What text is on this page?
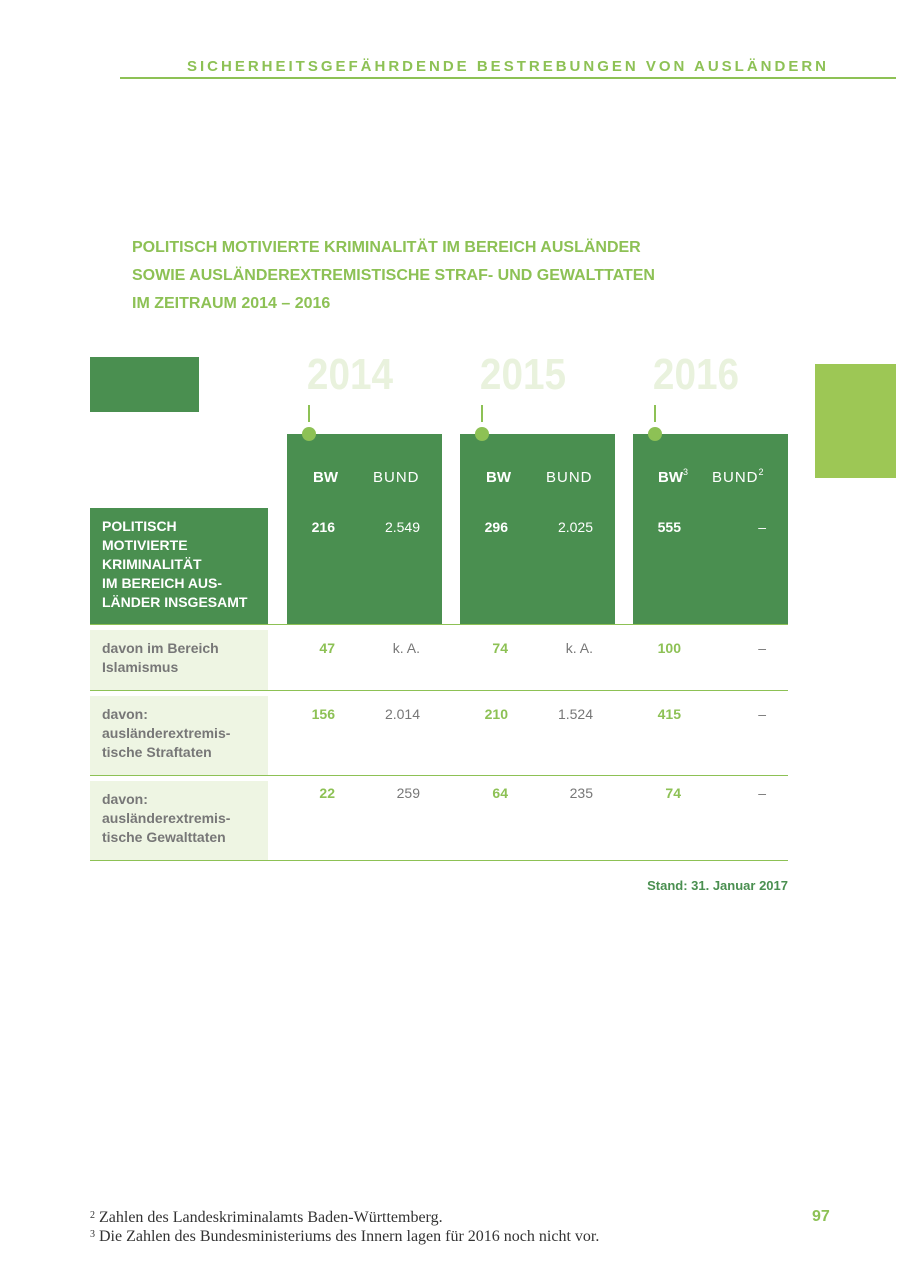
SICHERHEITSGEFÄHRDENDE BESTREBUNGEN VON AUSLÄNDERN
POLITISCH MOTIVIERTE KRIMINALITÄT IM BEREICH AUSLÄNDER
SOWIE AUSLÄNDEREXTREMISTISCHE STRAF- UND GEWALTTATEN
IM ZEITRAUM 2014 – 2016
2014 2015 2016
BW BUND	BW BUND	$BW^3$ BUND$^2$
POLITISCH MOTIVIERTE
KRIMINALITÄT
IM BEREICH AUS-
LÄNDER INSGESAMT
216	2.549	296	2.025	555	–
davon im Bereich
Islamismus
47	k. A.	74	k. A.	100	–
davon:
ausländerextremis-
tische Straftaten
156	2.014	210	1.524	415	–
davon:
ausländerextremis-
tische Gewalttaten
22	259	64	235	74	–
Stand: 31. Januar 2017
$^2$ Zahlen des Landeskriminalamts Baden-Württemberg.
$^3$ Die Zahlen des Bundesministeriums des Innern lagen für 2016 noch nicht vor.
97
